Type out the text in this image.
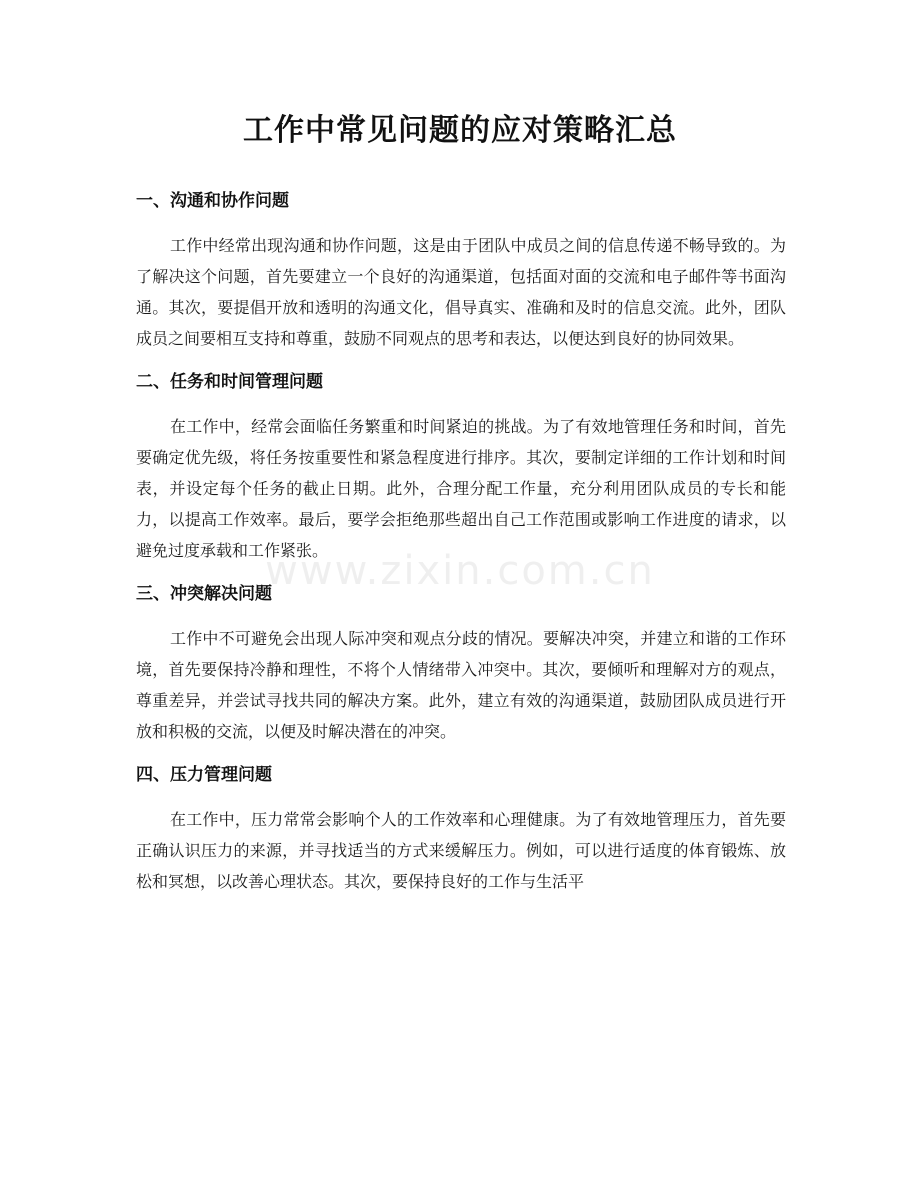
工作中常见问题的应对策略汇总
www.zixin.com.cn
一、沟通和协作问题

工作中经常出现沟通和协作问题，这是由于团队中成员之间的信息传递不畅导致的。为了解决这个问题，首先要建立一个良好的沟通渠道，包括面对面的交流和电子邮件等书面沟通。其次，要提倡开放和透明的沟通文化，倡导真实、准确和及时的信息交流。此外，团队成员之间要相互支持和尊重，鼓励不同观点的思考和表达，以便达到良好的协同效果。

二、任务和时间管理问题

在工作中，经常会面临任务繁重和时间紧迫的挑战。为了有效地管理任务和时间，首先要确定优先级，将任务按重要性和紧急程度进行排序。其次，要制定详细的工作计划和时间表，并设定每个任务的截止日期。此外，合理分配工作量，充分利用团队成员的专长和能力，以提高工作效率。最后，要学会拒绝那些超出自己工作范围或影响工作进度的请求，以避免过度承载和工作紧张。

三、冲突解决问题

工作中不可避免会出现人际冲突和观点分歧的情况。要解决冲突，并建立和谐的工作环境，首先要保持冷静和理性，不将个人情绪带入冲突中。其次，要倾听和理解对方的观点，尊重差异，并尝试寻找共同的解决方案。此外，建立有效的沟通渠道，鼓励团队成员进行开放和积极的交流，以便及时解决潜在的冲突。

四、压力管理问题

在工作中，压力常常会影响个人的工作效率和心理健康。为了有效地管理压力，首先要正确认识压力的来源，并寻找适当的方式来缓解压力。例如，可以进行适度的体育锻炼、放松和冥想，以改善心理状态。其次，要保持良好的工作与生活平
